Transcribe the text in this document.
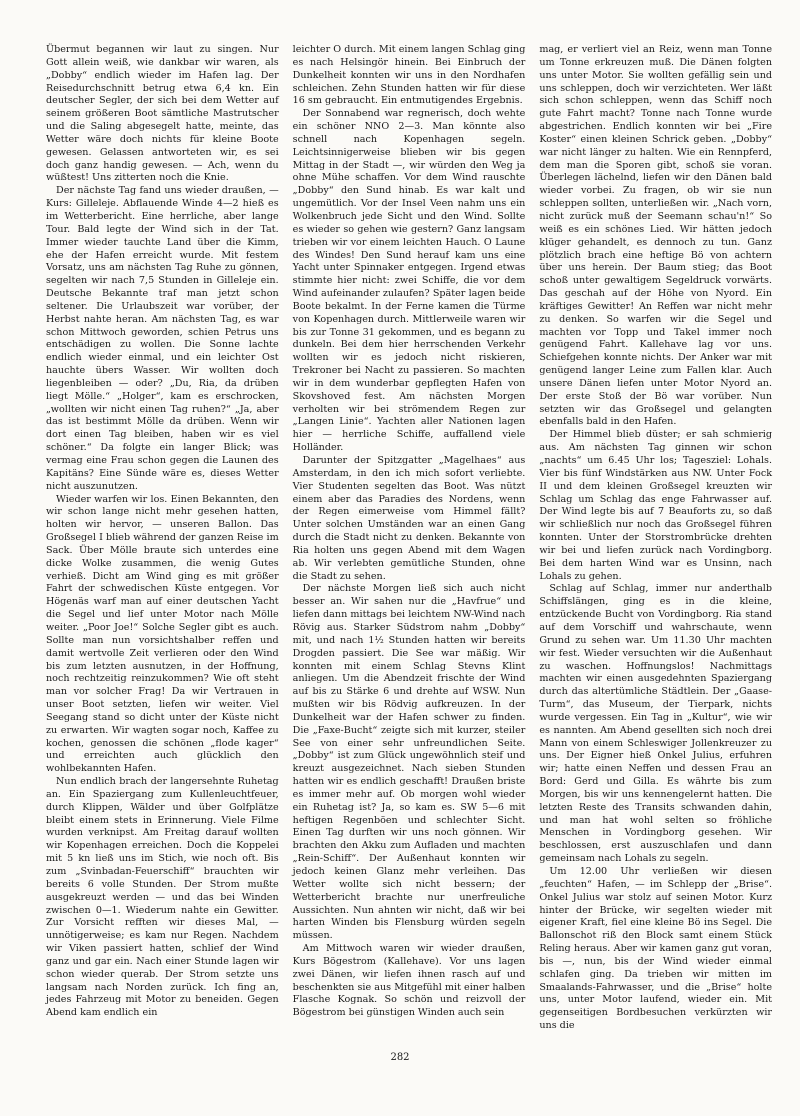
Übermut begannen wir laut zu singen. Nur Gott allein weiß, wie dankbar wir waren, als „Dobby“ endlich wieder im Hafen lag. Der Reisedurchschnitt betrug etwa 6,4 kn. Ein deutscher Segler, der sich bei dem Wetter auf seinem größeren Boot sämtliche Mastrutscher und die Saling abgesegelt hatte, meinte, das Wetter wäre doch nichts für kleine Boote gewesen. Gelassen antworteten wir, es sei doch ganz handig gewesen. — Ach, wenn du wüßtest! Uns zitterten noch die Knie.

Der nächste Tag fand uns wieder draußen, — Kurs: Gilleleje. Abflauende Winde 4—2 hieß es im Wetterbericht. Eine herrliche, aber lange Tour. Bald legte der Wind sich in der Tat. Immer wieder tauchte Land über die Kimm, ehe der Hafen erreicht wurde. Mit festem Vorsatz, uns am nächsten Tag Ruhe zu gönnen, segelten wir nach 7,5 Stunden in Gilleleje ein. Deutsche Bekannte traf man jetzt schon seltener. Die Urlaubszeit war vorüber, der Herbst nahte heran. Am nächsten Tag, es war schon Mittwoch geworden, schien Petrus uns entschädigen zu wollen. Die Sonne lachte endlich wieder einmal, und ein leichter Ost hauchte übers Wasser. Wir wollten doch liegenbleiben — oder? „Du, Ria, da drüben liegt Mölle.“ „Holger“, kam es erschrocken, „wollten wir nicht einen Tag ruhen?“ „Ja, aber das ist bestimmt Mölle da drüben. Wenn wir dort einen Tag bleiben, haben wir es viel schöner.“ Da folgte ein langer Blick; was vermag eine Frau schon gegen die Launen des Kapitäns? Eine Sünde wäre es, dieses Wetter nicht auszunutzen.

Wieder warfen wir los. Einen Bekannten, den wir schon lange nicht mehr gesehen hatten, holten wir hervor, — unseren Ballon. Das Großsegel I blieb während der ganzen Reise im Sack. Über Mölle braute sich unterdes eine dicke Wolke zusammen, die wenig Gutes verhieß. Dicht am Wind ging es mit größer Fahrt der schwedischen Küste entgegen. Vor Högenäs warf man auf einer deutschen Yacht die Segel und lief unter Motor nach Mölle weiter. „Poor Joe!“ Solche Segler gibt es auch. Sollte man nun vorsichtshalber reffen und damit wertvolle Zeit verlieren oder den Wind bis zum letzten ausnutzen, in der Hoffnung, noch rechtzeitig reinzukommen? Wie oft steht man vor solcher Frag! Da wir Vertrauen in unser Boot setzten, liefen wir weiter. Viel Seegang stand so dicht unter der Küste nicht zu erwarten. Wir wagten sogar noch, Kaffee zu kochen, genossen die schönen „flode kager“ und erreichten auch glücklich den wohlbekannten Hafen.

Nun endlich brach der langersehnte Ruhetag an. Ein Spaziergang zum Kullenleuchtfeuer, durch Klippen, Wälder und über Golfplätze bleibt einem stets in Erinnerung. Viele Filme wurden verknipst. Am Freitag darauf wollten wir Kopenhagen erreichen. Doch die Koppelei mit 5 kn ließ uns im Stich, wie noch oft. Bis zum „Svinbadan-Feuerschiff“ brauchten wir bereits 6 volle Stunden. Der Strom mußte ausgekreuzt werden — und das bei Winden zwischen 0—1. Wiederum nahte ein Gewitter. Zur Vorsicht refften wir dieses Mal, — unnötigerweise; es kam nur Regen. Nachdem wir Viken passiert hatten, schlief der Wind ganz und gar ein. Nach einer Stunde lagen wir schon wieder querab. Der Strom setzte uns langsam nach Norden zurück. Ich fing an, jedes Fahrzeug mit Motor zu beneiden. Gegen Abend kam endlich ein

leichter O durch. Mit einem langen Schlag ging es nach Helsingör hinein. Bei Einbruch der Dunkelheit konnten wir uns in den Nordhafen schleichen. Zehn Stunden hatten wir für diese 16 sm gebraucht. Ein entmutigendes Ergebnis.

Der Sonnabend war regnerisch, doch wehte ein schöner NNO 2—3. Man könnte also schnell nach Kopenhagen segeln. Leichtsinnigerweise blieben wir bis gegen Mittag in der Stadt —, wir würden den Weg ja ohne Mühe schaffen. Vor dem Wind rauschte „Dobby“ den Sund hinab. Es war kalt und ungemütlich. Vor der Insel Veen nahm uns ein Wolkenbruch jede Sicht und den Wind. Sollte es wieder so gehen wie gestern? Ganz langsam trieben wir vor einem leichten Hauch. O Laune des Windes! Den Sund herauf kam uns eine Yacht unter Spinnaker entgegen. Irgend etwas stimmte hier nicht: zwei Schiffe, die vor dem Wind aufeinander zulaufen? Später lagen beide Boote bekalmt. In der Ferne kamen die Türme von Kopenhagen durch. Mittlerweile waren wir bis zur Tonne 31 gekommen, und es begann zu dunkeln. Bei dem hier herrschenden Verkehr wollten wir es jedoch nicht riskieren, Trekroner bei Nacht zu passieren. So machten wir in dem wunderbar gepflegten Hafen von Skovshoved fest. Am nächsten Morgen verholten wir bei strömendem Regen zur „Langen Linie“. Yachten aller Nationen lagen hier — herrliche Schiffe, auffallend viele Holländer.

Darunter der Spitzgatter „Magelhaes“ aus Amsterdam, in den ich mich sofort verliebte. Vier Studenten segelten das Boot. Was nützt einem aber das Paradies des Nordens, wenn der Regen eimerweise vom Himmel fällt? Unter solchen Umständen war an einen Gang durch die Stadt nicht zu denken. Bekannte von Ria holten uns gegen Abend mit dem Wagen ab. Wir verlebten gemütliche Stunden, ohne die Stadt zu sehen.

Der nächste Morgen ließ sich auch nicht besser an. Wir sahen nur die „Havfrue“ und liefen dann mittags bei leichtem NW-Wind nach Rövig aus. Starker Südstrom nahm „Dobby“ mit, und nach 1½ Stunden hatten wir bereits Drogden passiert. Die See war mäßig. Wir konnten mit einem Schlag Stevns Klint anliegen. Um die Abendzeit frischte der Wind auf bis zu Stärke 6 und drehte auf WSW. Nun mußten wir bis Rödvig aufkreuzen. In der Dunkelheit war der Hafen schwer zu finden. Die „Faxe-Bucht“ zeigte sich mit kurzer, steiler See von einer sehr unfreundlichen Seite. „Dobby“ ist zum Glück ungewöhnlich steif und kreuzt ausgezeichnet. Nach sieben Stunden hatten wir es endlich geschafft! Draußen briste es immer mehr auf. Ob morgen wohl wieder ein Ruhetag ist? Ja, so kam es. SW 5—6 mit heftigen Regenböen und schlechter Sicht. Einen Tag durften wir uns noch gönnen. Wir brachten den Akku zum Aufladen und machten „Rein-Schiff“. Der Außenhaut konnten wir jedoch keinen Glanz mehr verleihen. Das Wetter wollte sich nicht bessern; der Wetterbericht brachte nur unerfreuliche Aussichten. Nun ahnten wir nicht, daß wir bei harten Winden bis Flensburg würden segeln müssen.

Am Mittwoch waren wir wieder draußen, Kurs Bögestrom (Kallehave). Vor uns lagen zwei Dänen, wir liefen ihnen rasch auf und beschenkten sie aus Mitgefühl mit einer halben Flasche Kognak. So schön und reizvoll der Bögestrom bei günstigen Winden auch sein

mag, er verliert viel an Reiz, wenn man Tonne um Tonne erkreuzen muß. Die Dänen folgten uns unter Motor. Sie wollten gefällig sein und uns schleppen, doch wir verzichteten. Wer läßt sich schon schleppen, wenn das Schiff noch gute Fahrt macht? Tonne nach Tonne wurde abgestrichen. Endlich konnten wir bei „Fire Koster“ einen kleinen Schrick geben. „Dobby“ war nicht länger zu halten. Wie ein Rennpferd, dem man die Sporen gibt, schoß sie voran. Überlegen lächelnd, liefen wir den Dänen bald wieder vorbei. Zu fragen, ob wir sie nun schleppen sollten, unterließen wir. „Nach vorn, nicht zurück muß der Seemann schau'n!“ So weiß es ein schönes Lied. Wir hätten jedoch klüger gehandelt, es dennoch zu tun. Ganz plötzlich brach eine heftige Bö von achtern über uns herein. Der Baum stieg; das Boot schoß unter gewaltigem Segeldruck vorwärts. Das geschah auf der Höhe von Nyord. Ein kräftiges Gewitter! An Reffen war nicht mehr zu denken. So warfen wir die Segel und machten vor Topp und Takel immer noch genügend Fahrt. Kallehave lag vor uns. Schiefgehen konnte nichts. Der Anker war mit genügend langer Leine zum Fallen klar. Auch unsere Dänen liefen unter Motor Nyord an. Der erste Stoß der Bö war vorüber. Nun setzten wir das Großsegel und gelangten ebenfalls bald in den Hafen.

Der Himmel blieb düster; er sah schmierig aus. Am nächsten Tag ginnen wir schon „nachts“ um 6.45 Uhr los; Tagesziel: Lohals. Vier bis fünf Windstärken aus NW. Unter Fock II und dem kleinen Großsegel kreuzten wir Schlag um Schlag das enge Fahrwasser auf. Der Wind legte bis auf 7 Beauforts zu, so daß wir schließlich nur noch das Großsegel führen konnten. Unter der Storstrombrücke drehten wir bei und liefen zurück nach Vordingborg. Bei dem harten Wind war es Unsinn, nach Lohals zu gehen.

Schlag auf Schlag, immer nur anderthalb Schiffslängen, ging es in die kleine, entzückende Bucht von Vordingborg. Ria stand auf dem Vorschiff und wahrschaute, wenn Grund zu sehen war. Um 11.30 Uhr machten wir fest. Wieder versuchten wir die Außenhaut zu waschen. Hoffnungslos! Nachmittags machten wir einen ausgedehnten Spaziergang durch das altertümliche Städtlein. Der „Gaase-Turm“, das Museum, der Tierpark, nichts wurde vergessen. Ein Tag in „Kultur“, wie wir es nannten. Am Abend gesellten sich noch drei Mann von einem Schleswiger Jollenkreuzer zu uns. Der Eigner hieß Onkel Julius, erfuhren wir; hatte einen Neffen und dessen Frau an Bord: Gerd und Gilla. Es währte bis zum Morgen, bis wir uns kennengelernt hatten. Die letzten Reste des Transits schwanden dahin, und man hat wohl selten so fröhliche Menschen in Vordingborg gesehen. Wir beschlossen, erst auszuschlafen und dann gemeinsam nach Lohals zu segeln.

Um 12.00 Uhr verließen wir diesen „feuchten“ Hafen, — im Schlepp der „Brise“. Onkel Julius war stolz auf seinen Motor. Kurz hinter der Brücke, wir segelten wieder mit eigener Kraft, fiel eine kleine Bö ins Segel. Die Ballonschot riß den Block samt einem Stück Reling heraus. Aber wir kamen ganz gut voran, bis —, nun, bis der Wind wieder einmal schlafen ging. Da trieben wir mitten im Smaalands-Fahrwasser, und die „Brise“ holte uns, unter Motor laufend, wieder ein. Mit gegenseitigen Bordbesuchen verkürzten wir uns die

282
